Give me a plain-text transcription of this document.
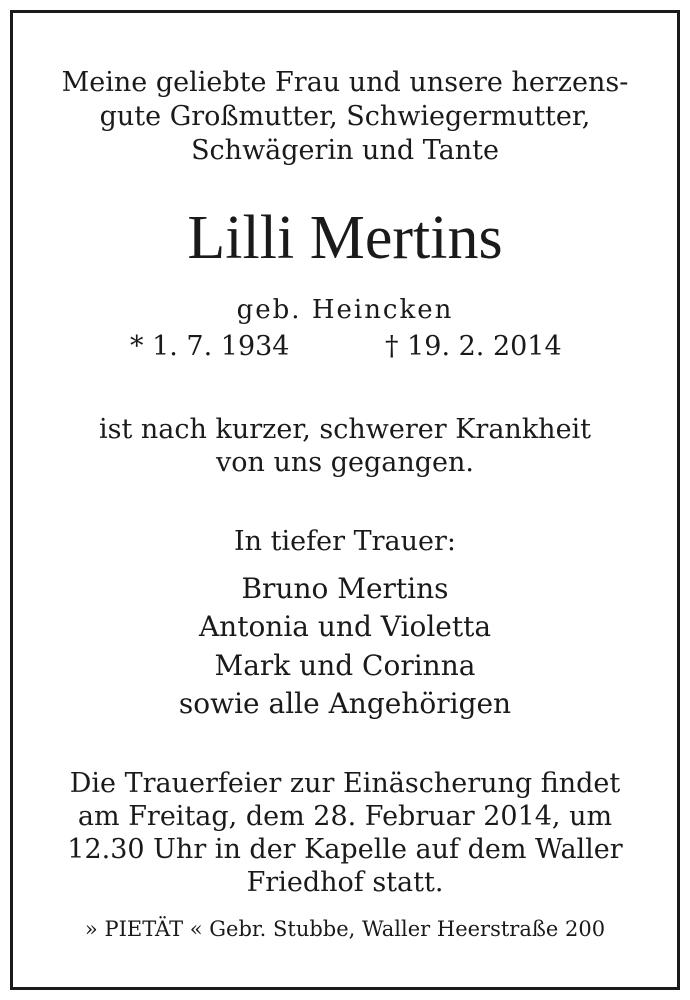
Meine geliebte Frau und unsere herzens-
gute Großmutter, Schwiegermutter,
Schwägerin und Tante
Lilli Mertins
geb. Heincken
* 1. 7. 1934	† 19. 2. 2014
ist nach kurzer, schwerer Krankheit
von uns gegangen.
In tiefer Trauer:
Bruno Mertins
Antonia und Violetta
Mark und Corinna
sowie alle Angehörigen
Die Trauerfeier zur Einäscherung findet
am Freitag, dem 28. Februar 2014, um
12.30 Uhr in der Kapelle auf dem Waller
Friedhof statt.
» PIETÄT « Gebr. Stubbe, Waller Heerstraße 200
